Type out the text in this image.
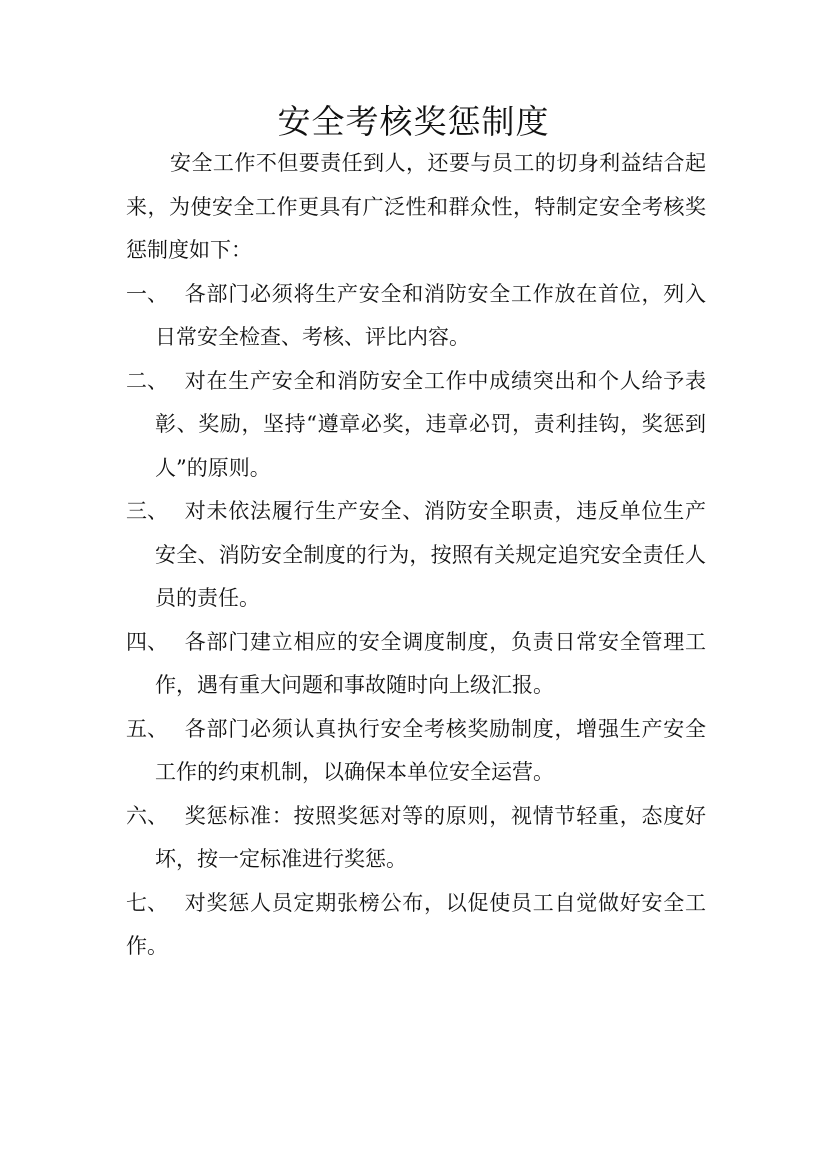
安全考核奖惩制度

安全工作不但要责任到人，还要与员工的切身利益结合起来，为使安全工作更具有广泛性和群众性，特制定安全考核奖惩制度如下：

一、 各部门必须将生产安全和消防安全工作放在首位，列入日常安全检查、考核、评比内容。

二、 对在生产安全和消防安全工作中成绩突出和个人给予表彰、奖励，坚持“遵章必奖，违章必罚，责利挂钩，奖惩到人”的原则。

三、 对未依法履行生产安全、消防安全职责，违反单位生产安全、消防安全制度的行为，按照有关规定追究安全责任人员的责任。

四、 各部门建立相应的安全调度制度，负责日常安全管理工作，遇有重大问题和事故随时向上级汇报。

五、 各部门必须认真执行安全考核奖励制度，增强生产安全工作的约束机制，以确保本单位安全运营。

六、 奖惩标准：按照奖惩对等的原则，视情节轻重，态度好坏，按一定标准进行奖惩。

七、 对奖惩人员定期张榜公布，以促使员工自觉做好安全工作。
